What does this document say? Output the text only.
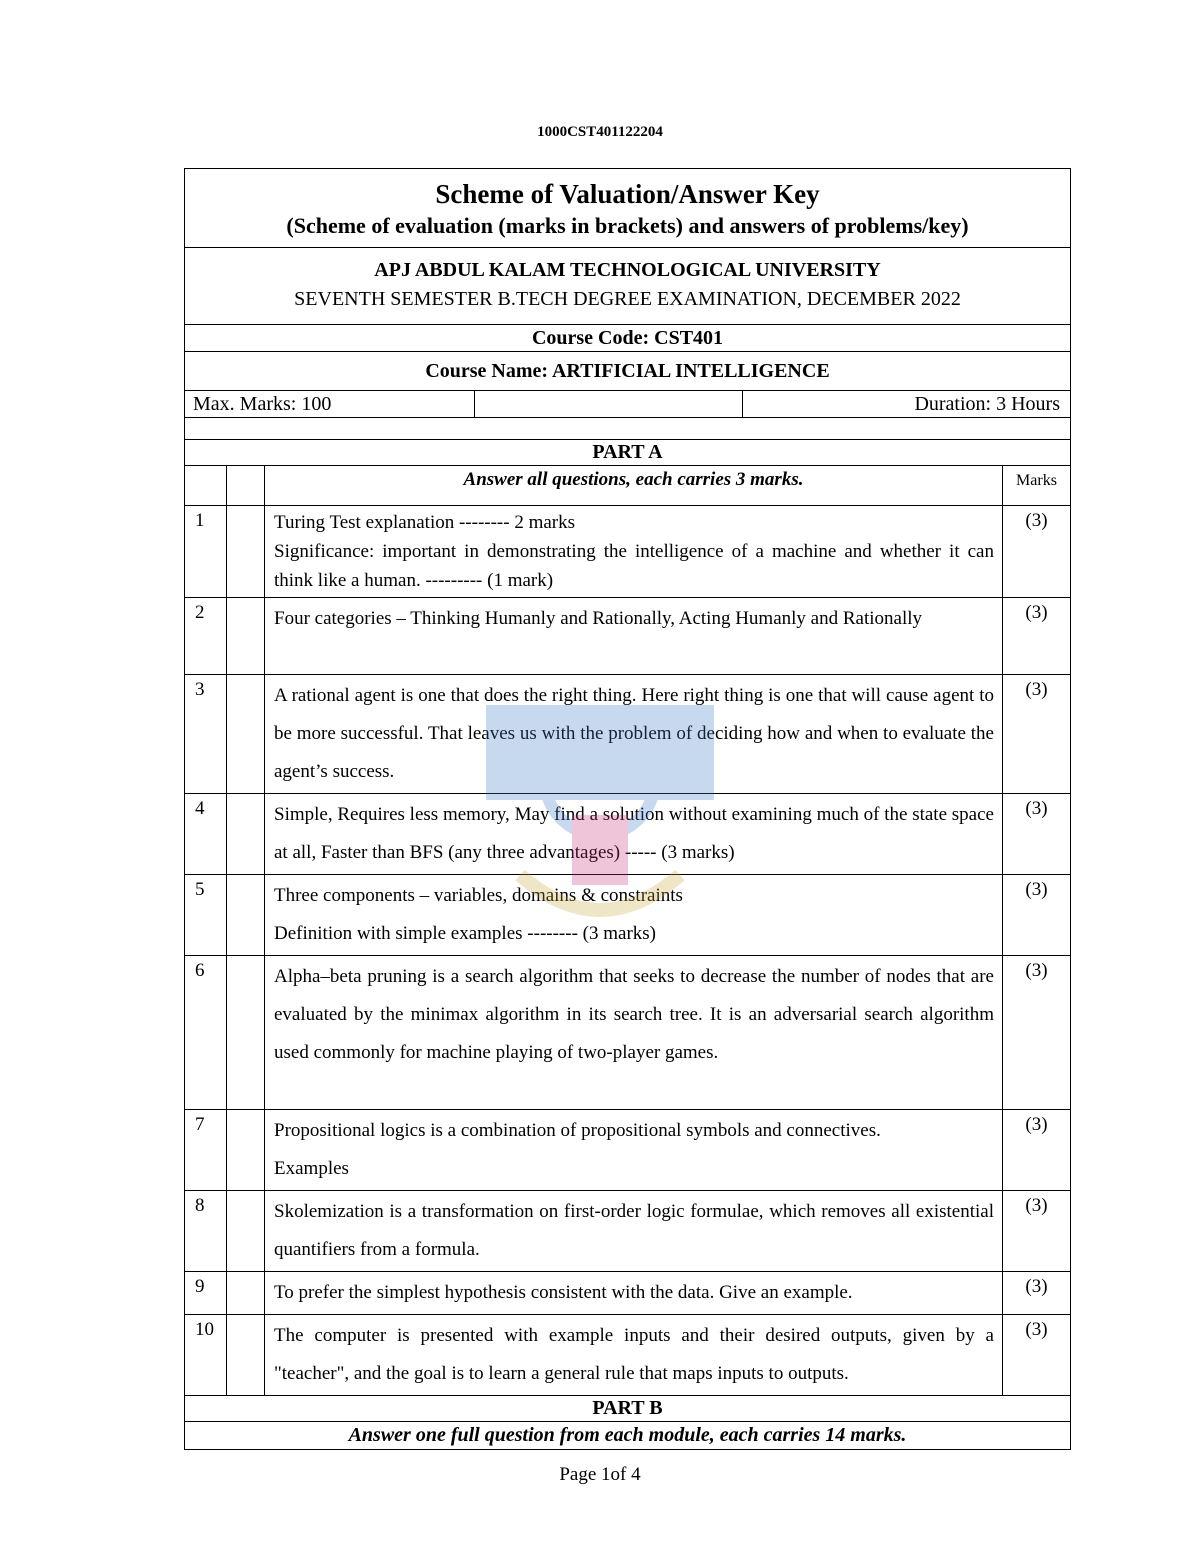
1000CST401122204
Scheme of Valuation/Answer Key
(Scheme of evaluation (marks in brackets) and answers of problems/key)

APJ ABDUL KALAM TECHNOLOGICAL UNIVERSITY
SEVENTH SEMESTER B.TECH DEGREE EXAMINATION, DECEMBER 2022

Course Code: CST401
Course Name: ARTIFICIAL INTELLIGENCE

Max. Marks: 100		Duration: 3 Hours

PART A
		Answer all questions, each carries 3 marks.	Marks
1		Turing Test explanation -------- 2 marks
Significance: important in demonstrating the intelligence of a machine and whether it can think like a human. --------- (1 mark)
	(3)
2		Four categories – Thinking Humanly and Rationally, Acting Humanly and Rationally	(3)
3		A rational agent is one that does the right thing. Here right thing is one that will cause agent to be more successful. That leaves us with the problem of deciding how and when to evaluate the agent’s success.	(3)
4		Simple, Requires less memory, May find a solution without examining much of the state space at all, Faster than BFS (any three advantages) ----- (3 marks)	(3)
5		Three components – variables, domains & constraints
Definition with simple examples -------- (3 marks)
	(3)
6		Alpha–beta pruning is a search algorithm that seeks to decrease the number of nodes that are evaluated by the minimax algorithm in its search tree. It is an adversarial search algorithm used commonly for machine playing of two-player games.	(3)
7		Propositional logics is a combination of propositional symbols and connectives.
Examples
	(3)
8		Skolemization is a transformation on first-order logic formulae, which removes all existential quantifiers from a formula.	(3)
9		To prefer the simplest hypothesis consistent with the data. Give an example.	(3)
10		The computer is presented with example inputs and their desired outputs, given by a "teacher", and the goal is to learn a general rule that maps inputs to outputs.	(3)
PART B
Answer one full question from each module, each carries 14 marks.
Page 1of 4
